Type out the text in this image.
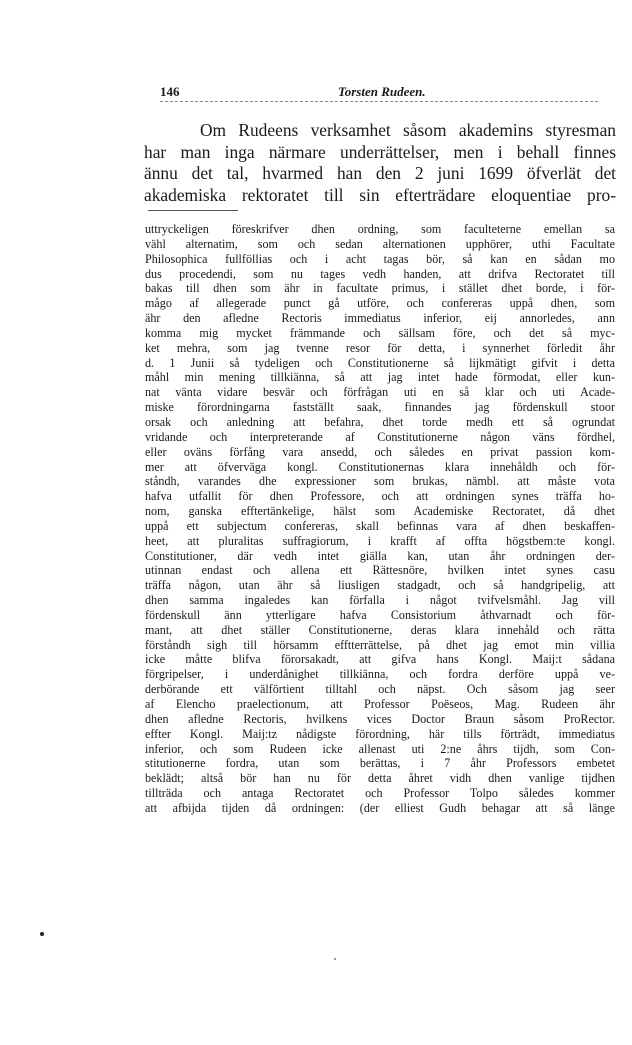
146	Torsten Rudeen.
Om Rudeens verksamhet såsom akademins styresman
har man inga närmare underrättelser, men i behall finnes
ännu det tal, hvarmed han den 2 juni 1699 öfverlät det
akademiska rektoratet till sin efterträdare eloquentiae pro-
uttryckeligen föreskrifver dhen ordning, som faculteterne emellan sa
vähl alternatim, som och sedan alternationen upphörer, uthi Facultate
Philosophica fullföllias och i acht tagas bör, så kan en sådan mo
dus procedendi, som nu tages vedh handen, att drifva Rectoratet till
bakas till dhen som ähr in facultate primus, i stället dhet borde, i för-
mågo af allegerade punct gå utföre, och confereras uppå dhen, som
ähr den afledne Rectoris immediatus inferior, eij annorledes, ann
komma mig mycket främmande och sällsam före, och det så myc-
ket mehra, som jag tvenne resor för detta, i synnerhet förledit åhr
d. 1 Junii så tydeligen och Constitutionerne så lijkmätigt gifvit i detta
måhl min mening tillkiänna, så att jag intet hade förmodat, eller kun-
nat vänta vidare besvär och förfrågan uti en så klar och uti Acade-
miske förordningarna fastställt saak, finnandes jag fördenskull stoor
orsak och anledning att befahra, dhet torde medh ett så ogrundat
vridande och interpreterande af Constitutionerne någon väns fördhel,
eller oväns förfång vara ansedd, och således en privat passion kom-
mer att öfverväga kongl. Constitutionernas klara innehåldh och för-
ståndh, varandes dhe expressioner som brukas, nämbl. att måste vota
hafva utfallit för dhen Professore, och att ordningen synes träffa ho-
nom, ganska efftertänkelige, hälst som Academiske Rectoratet, då dhet
uppå ett subjectum confereras, skall befinnas vara af dhen beskaffen-
heet, att pluralitas suffragiorum, i krafft af offta högstbem:te kongl.
Constitutioner, där vedh intet giälla kan, utan åhr ordningen der-
utinnan endast och allena ett Rättesnöre, hvilken intet synes casu
träffa någon, utan ähr så liusligen stadgadt, och så handgripelig, att
dhen samma ingaledes kan förfalla i något tvifvelsmåhl. Jag vill
fördenskull änn ytterligare hafva Consistorium åthvarnadt och för-
mant, att dhet ställer Constitutionerne, deras klara innehåld och rätta
förståndh sigh till hörsamm efftterrättelse, på dhet jag emot min villia
icke måtte blifva förorsakadt, att gifva hans Kongl. Maij:t sådana
förgripelser, i underdånighet tillkiänna, och fordra derföre uppå ve-
derbörande ett välförtient tilltahl och näpst. Och såsom jag seer
af Elencho praelectionum, att Professor Poëseos, Mag. Rudeen ähr
dhen afledne Rectoris, hvilkens vices Doctor Braun såsom ProRector.
effter Kongl. Maij:tz nådigste förordning, här tills förträdt, immediatus
inferior, och som Rudeen icke allenast uti 2:ne åhrs tijdh, som Con-
stitutionerne fordra, utan som berättas, i 7 åhr Professors embetet
beklädt; altså bör han nu för detta åhret vidh dhen vanlige tijdhen
tillträda och antaga Rectoratet och Professor Tolpo således kommer
att afbijda tijden då ordningen: (der elliest Gudh behagar att så länge
